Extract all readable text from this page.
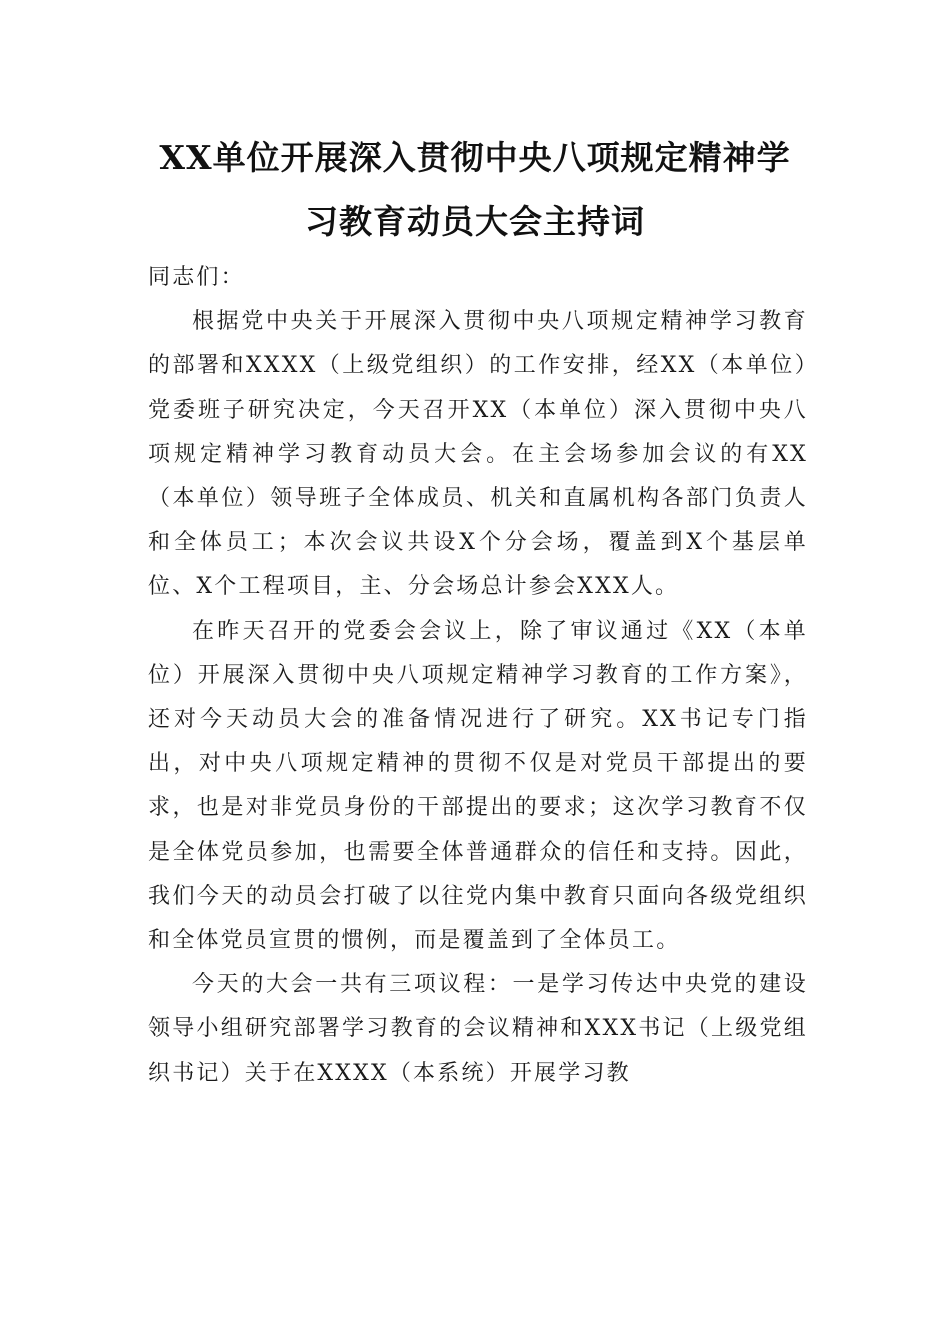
XX单位开展深入贯彻中央八项规定精神学
习教育动员大会主持词

同志们：

根据党中央关于开展深入贯彻中央八项规定精神学习教育的部署和XXXX（上级党组织）的工作安排，经XX（本单位）党委班子研究决定，今天召开XX（本单位）深入贯彻中央八项规定精神学习教育动员大会。在主会场参加会议的有XX（本单位）领导班子全体成员、机关和直属机构各部门负责人和全体员工；本次会议共设X个分会场，覆盖到X个基层单位、X个工程项目，主、分会场总计参会XXX人。

在昨天召开的党委会会议上，除了审议通过《XX（本单位）开展深入贯彻中央八项规定精神学习教育的工作方案》，还对今天动员大会的准备情况进行了研究。XX书记专门指出，对中央八项规定精神的贯彻不仅是对党员干部提出的要求，也是对非党员身份的干部提出的要求；这次学习教育不仅是全体党员参加，也需要全体普通群众的信任和支持。因此，我们今天的动员会打破了以往党内集中教育只面向各级党组织和全体党员宣贯的惯例，而是覆盖到了全体员工。

今天的大会一共有三项议程：一是学习传达中央党的建设领导小组研究部署学习教育的会议精神和XXX书记（上级党组织书记）关于在XXXX（本系统）开展学习教
